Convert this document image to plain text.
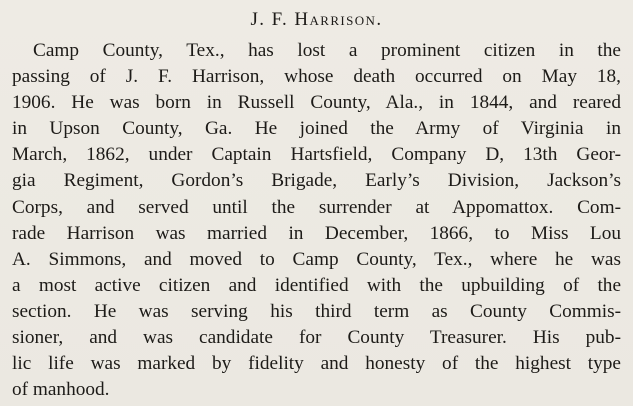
J. F. Harrison.
Camp County, Tex., has lost a prominent citizen in the
passing of J. F. Harrison, whose death occurred on May 18,
1906. He was born in Russell County, Ala., in 1844, and reared
in Upson County, Ga. He joined the Army of Virginia in
March, 1862, under Captain Hartsfield, Company D, 13th Geor-
gia Regiment, Gordon’s Brigade, Early’s Division, Jackson’s
Corps, and served until the surrender at Appomattox. Com-
rade Harrison was married in December, 1866, to Miss Lou
A. Simmons, and moved to Camp County, Tex., where he was
a most active citizen and identified with the upbuilding of the
section. He was serving his third term as County Commis-
sioner, and was candidate for County Treasurer. His pub-
lic life was marked by fidelity and honesty of the highest type
of manhood.
